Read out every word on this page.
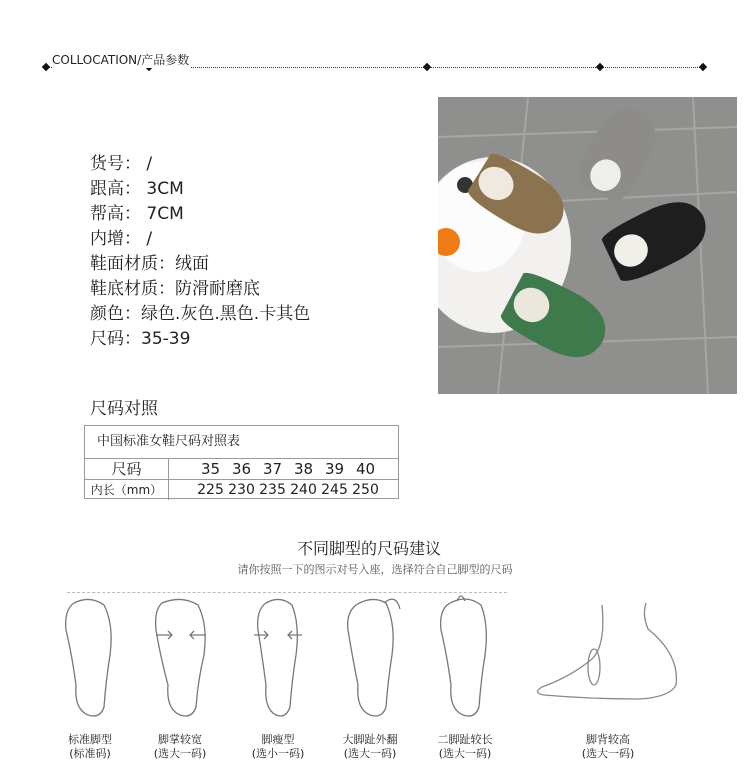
COLLOCATION/产品参数
货号： /
跟高： 3CM
帮高： 7CM
内增： /
鞋面材质：绒面
鞋底材质：防滑耐磨底
颜色：绿色.灰色.黑色.卡其色
尺码：35-39
尺码对照
中国标准女鞋尺码对照表
尺码	35 36 37 38 39 40
内长（mm）	225 230 235 240 245 250
不同脚型的尺码建议
请你按照一下的图示对号入座，选择符合自己脚型的尺码
标准脚型
(标准码)
脚掌较宽
(选大一码)
脚瘦型
(选小一码)
大脚趾外翻
(选大一码)
二脚趾较长
(选大一码)
脚背较高
(选大一码)
